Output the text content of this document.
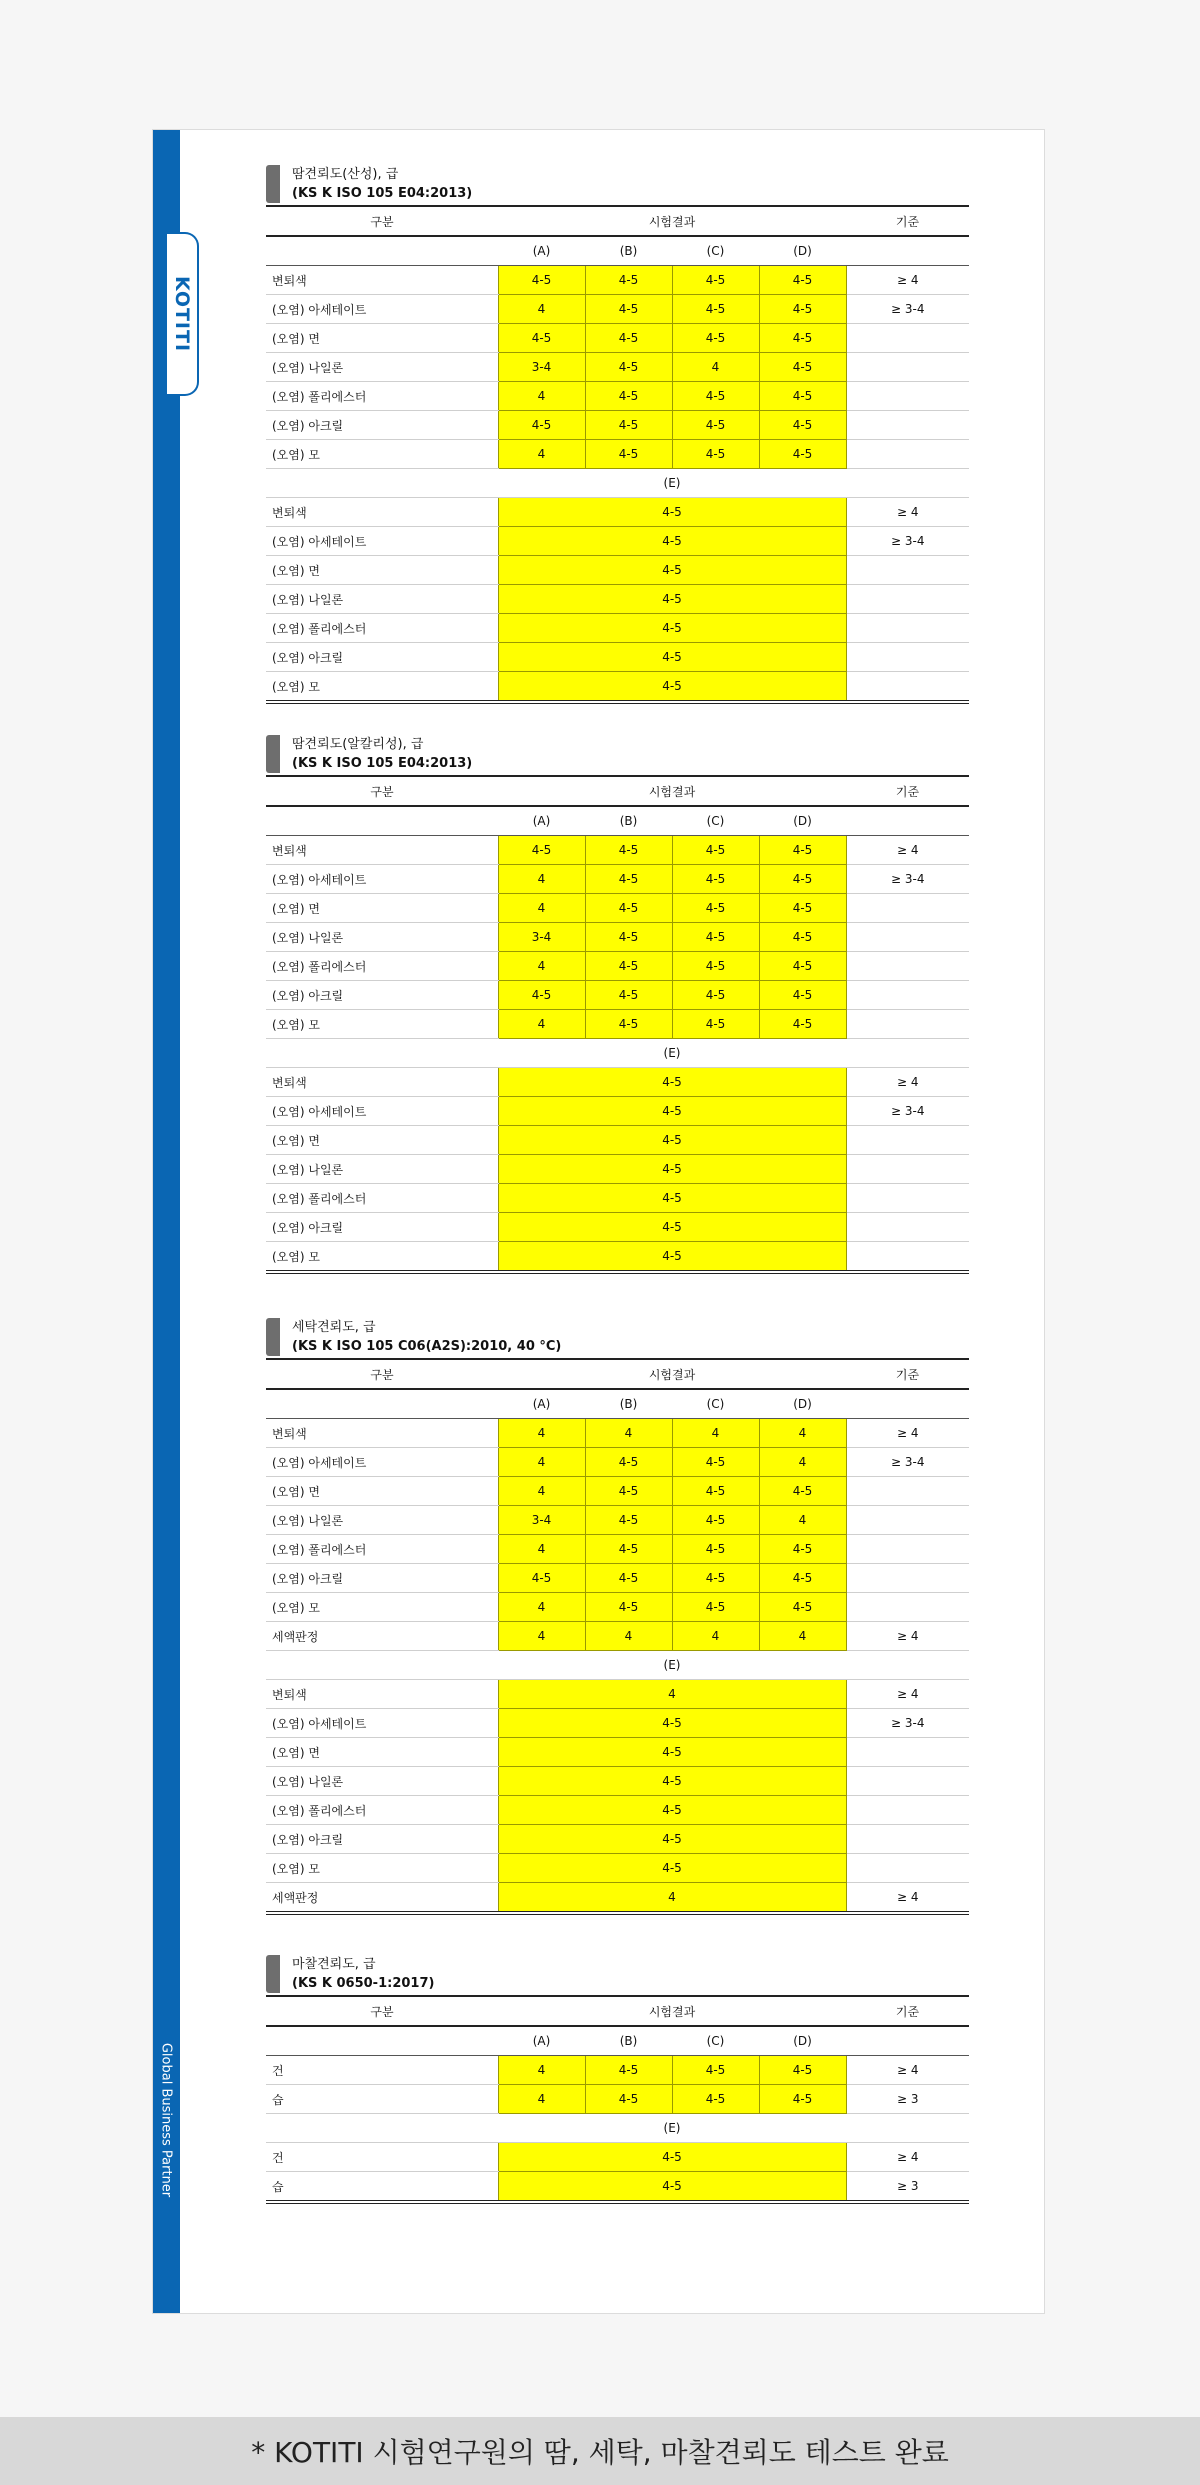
KOTITI
Global Business Partner
땀견뢰도(산성), 급
(KS K ISO 105 E04:2013)
구분	시험결과				기준
	(A)	(B)	(C)	(D)	
변퇴색	4-5	4-5	4-5	4-5	≥ 4
(오염) 아세테이트	4	4-5	4-5	4-5	≥ 3-4
(오염) 면	4-5	4-5	4-5	4-5	
(오염) 나일론	3-4	4-5	4	4-5	
(오염) 폴리에스터	4	4-5	4-5	4-5	
(오염) 아크릴	4-5	4-5	4-5	4-5	
(오염) 모	4	4-5	4-5	4-5	
	(E)				
변퇴색	4-5				≥ 4
(오염) 아세테이트	4-5				≥ 3-4
(오염) 면	4-5				
(오염) 나일론	4-5				
(오염) 폴리에스터	4-5				
(오염) 아크릴	4-5				
(오염) 모	4-5				
땀견뢰도(알칼리성), 급
(KS K ISO 105 E04:2013)
구분	시험결과				기준
	(A)	(B)	(C)	(D)	
변퇴색	4-5	4-5	4-5	4-5	≥ 4
(오염) 아세테이트	4	4-5	4-5	4-5	≥ 3-4
(오염) 면	4	4-5	4-5	4-5	
(오염) 나일론	3-4	4-5	4-5	4-5	
(오염) 폴리에스터	4	4-5	4-5	4-5	
(오염) 아크릴	4-5	4-5	4-5	4-5	
(오염) 모	4	4-5	4-5	4-5	
	(E)				
변퇴색	4-5				≥ 4
(오염) 아세테이트	4-5				≥ 3-4
(오염) 면	4-5				
(오염) 나일론	4-5				
(오염) 폴리에스터	4-5				
(오염) 아크릴	4-5				
(오염) 모	4-5				
세탁견뢰도, 급
(KS K ISO 105 C06(A2S):2010, 40 °C)
구분	시험결과				기준
	(A)	(B)	(C)	(D)	
변퇴색	4	4	4	4	≥ 4
(오염) 아세테이트	4	4-5	4-5	4	≥ 3-4
(오염) 면	4	4-5	4-5	4-5	
(오염) 나일론	3-4	4-5	4-5	4	
(오염) 폴리에스터	4	4-5	4-5	4-5	
(오염) 아크릴	4-5	4-5	4-5	4-5	
(오염) 모	4	4-5	4-5	4-5	
세액판정	4	4	4	4	≥ 4
	(E)				
변퇴색	4				≥ 4
(오염) 아세테이트	4-5				≥ 3-4
(오염) 면	4-5				
(오염) 나일론	4-5				
(오염) 폴리에스터	4-5				
(오염) 아크릴	4-5				
(오염) 모	4-5				
세액판정	4				≥ 4
마찰견뢰도, 급
(KS K 0650-1:2017)
구분	시험결과				기준
	(A)	(B)	(C)	(D)	
건	4	4-5	4-5	4-5	≥ 4
습	4	4-5	4-5	4-5	≥ 3
	(E)				
건	4-5				≥ 4
습	4-5				≥ 3
* KOTITI 시험연구원의 땀, 세탁, 마찰견뢰도 테스트 완료
